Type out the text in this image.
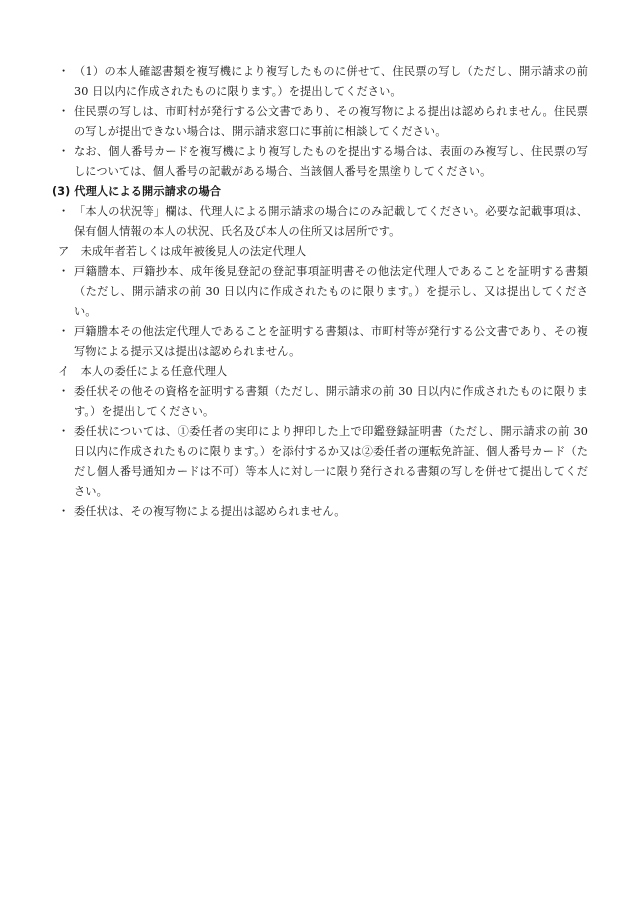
・ （1）の本人確認書類を複写機により複写したものに併せて、住民票の写し（ただし、開示請求の前 30 日以内に作成されたものに限ります。）を提出してください。

・ 住民票の写しは、市町村が発行する公文書であり、その複写物による提出は認められません。住民票の写しが提出できない場合は、開示請求窓口に事前に相談してください。

・ なお、個人番号カードを複写機により複写したものを提出する場合は、表面のみ複写し、住民票の写しについては、個人番号の記載がある場合、当該個人番号を黒塗りしてください。

(3) 代理人による開示請求の場合

・ 「本人の状況等」欄は、代理人による開示請求の場合にのみ記載してください。必要な記載事項は、保有個人情報の本人の状況、氏名及び本人の住所又は居所です。

ア　未成年者若しくは成年被後見人の法定代理人

・ 戸籍謄本、戸籍抄本、成年後見登記の登記事項証明書その他法定代理人であることを証明する書類（ただし、開示請求の前 30 日以内に作成されたものに限ります。）を提示し、又は提出してください。

・ 戸籍謄本その他法定代理人であることを証明する書類は、市町村等が発行する公文書であり、その複写物による提示又は提出は認められません。

イ　本人の委任による任意代理人

・ 委任状その他その資格を証明する書類（ただし、開示請求の前 30 日以内に作成されたものに限ります。）を提出してください。

・ 委任状については、①委任者の実印により押印した上で印鑑登録証明書（ただし、開示請求の前 30 日以内に作成されたものに限ります。）を添付するか又は②委任者の運転免許証、個人番号カード（ただし個人番号通知カードは不可）等本人に対し一に限り発行される書類の写しを併せて提出してください。

・ 委任状は、その複写物による提出は認められません。
